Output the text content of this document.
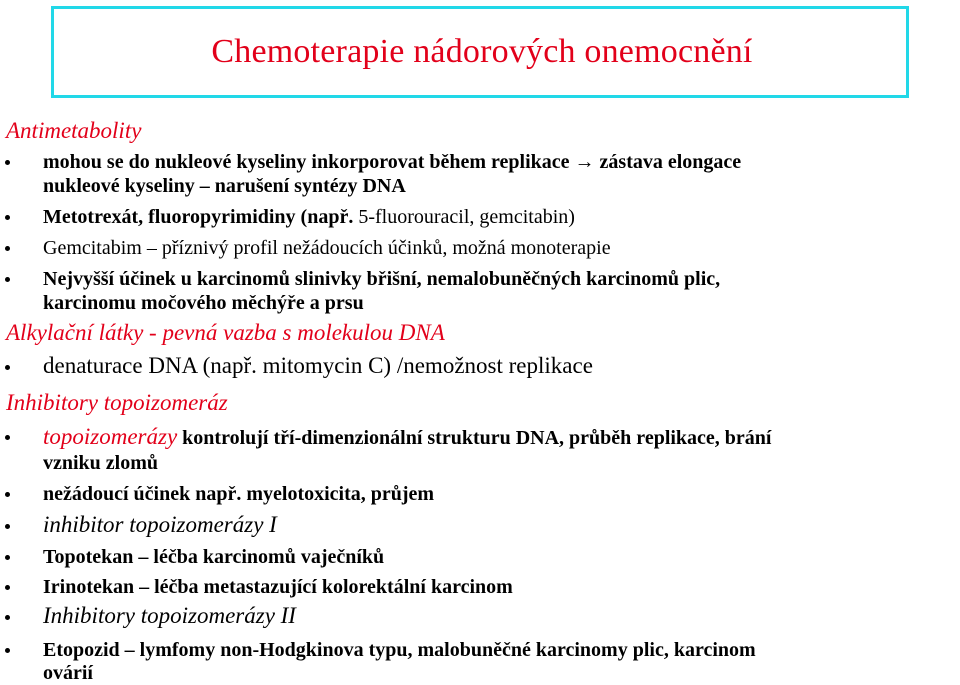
Chemoterapie nádorových onemocnění
Antimetabolity
mohou se do nukleové kyseliny inkorporovat během replikace → zástava elongace
nukleové kyseliny – narušení syntézy DNA
Metotrexát, fluoropyrimidiny (např. 5-fluorouracil, gemcitabin)
Gemcitabim – příznivý profil nežádoucích účinků, možná monoterapie
Nejvyšší účinek u karcinomů slinivky břišní, nemalobuněčných karcinomů plic,
karcinomu močového měchýře a prsu
Alkylační látky - pevná vazba s molekulou DNA
denaturace DNA (např. mitomycin C) /nemožnost replikace
Inhibitory topoizomeráz
topoizomerázy kontrolují tří-dimenzionální strukturu DNA, průběh replikace, brání
vzniku zlomů
nežádoucí účinek např. myelotoxicita, průjem
inhibitor topoizomerázy I
Topotekan – léčba karcinomů vaječníků
Irinotekan – léčba metastazující kolorektální karcinom
Inhibitory topoizomerázy II
Etopozid – lymfomy non-Hodgkinova typu, malobuněčné karcinomy plic, karcinom
ovárií
